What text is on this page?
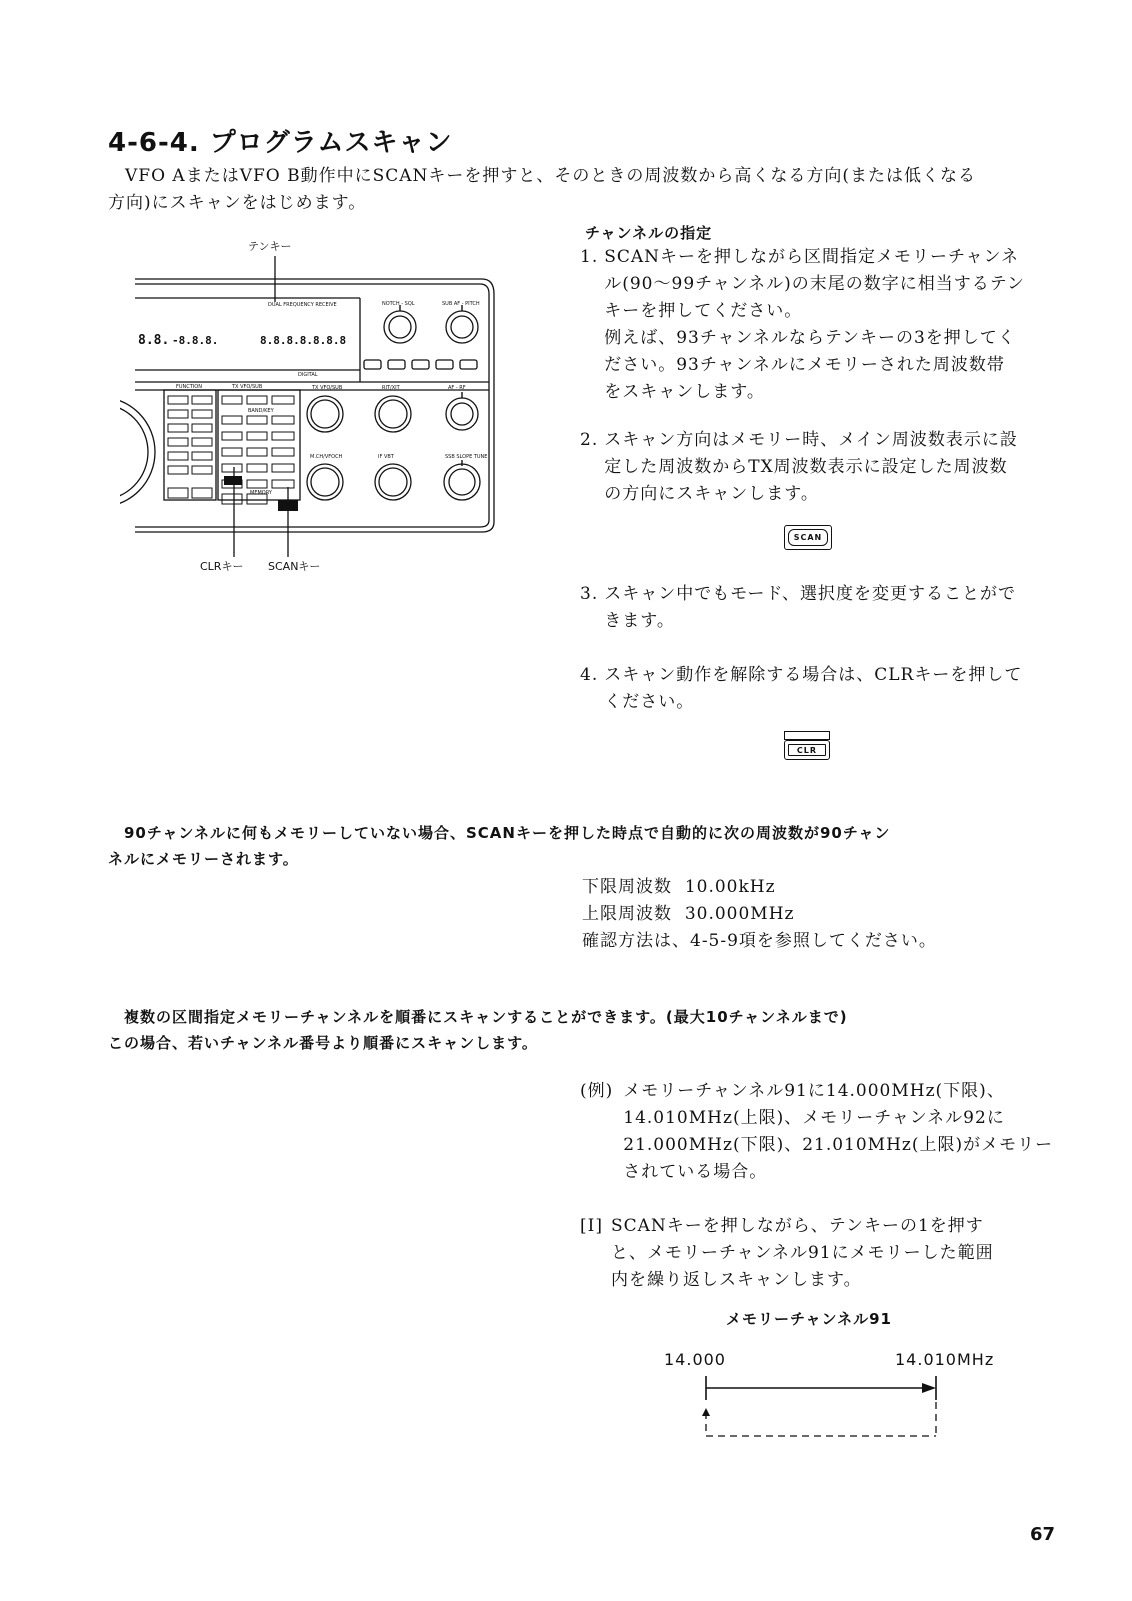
4-6-4. プログラムスキャン
VFO AまたはVFO B動作中にSCANキーを押すと、そのときの周波数から高くなる方向(または低くなる
方向)にスキャンをはじめます。
DUAL FREQUENCY RECEIVE
DIGITAL
FUNCTION	TX VFO/SUB	TX VFO/SUB	RIT/XIT	AF - RF
M.CH/VFOCH	IF VBT	SSB SLOPE TUNE
NOTCH - SQL	SUB AF - PITCH
BAND/KEY
MEMORY
8.8. -8.8.8.	8.8.8.8.8.8.8
テンキー
CLRキー SCANキー
チャンネルの指定
1. SCANキーを押しながら区間指定メモリーチャンネ
ル(90〜99チャンネル)の末尾の数字に相当するテン
キーを押してください。
例えば、93チャンネルならテンキーの3を押してく
ださい。93チャンネルにメモリーされた周波数帯
をスキャンします。
2. スキャン方向はメモリー時、メイン周波数表示に設
定した周波数からTX周波数表示に設定した周波数
の方向にスキャンします。
SCAN
3. スキャン中でもモード、選択度を変更することがで
きます。
4. スキャン動作を解除する場合は、CLRキーを押して
ください。
CLR
90チャンネルに何もメモリーしていない場合、SCANキーを押した時点で自動的に次の周波数が90チャン
ネルにメモリーされます。
下限周波数 10.00kHz
上限周波数 30.000MHz
確認方法は、4-5-9項を参照してください。
複数の区間指定メモリーチャンネルを順番にスキャンすることができます。(最大10チャンネルまで)
この場合、若いチャンネル番号より順番にスキャンします。
(例) メモリーチャンネル91に14.000MHz(下限)、
14.010MHz(上限)、メモリーチャンネル92に
21.000MHz(下限)、21.010MHz(上限)がメモリー
されている場合。
[Ⅰ] SCANキーを押しながら、テンキーの1を押す
と、メモリーチャンネル91にメモリーした範囲
内を繰り返しスキャンします。
メモリーチャンネル91
14.000	14.010MHz
67
